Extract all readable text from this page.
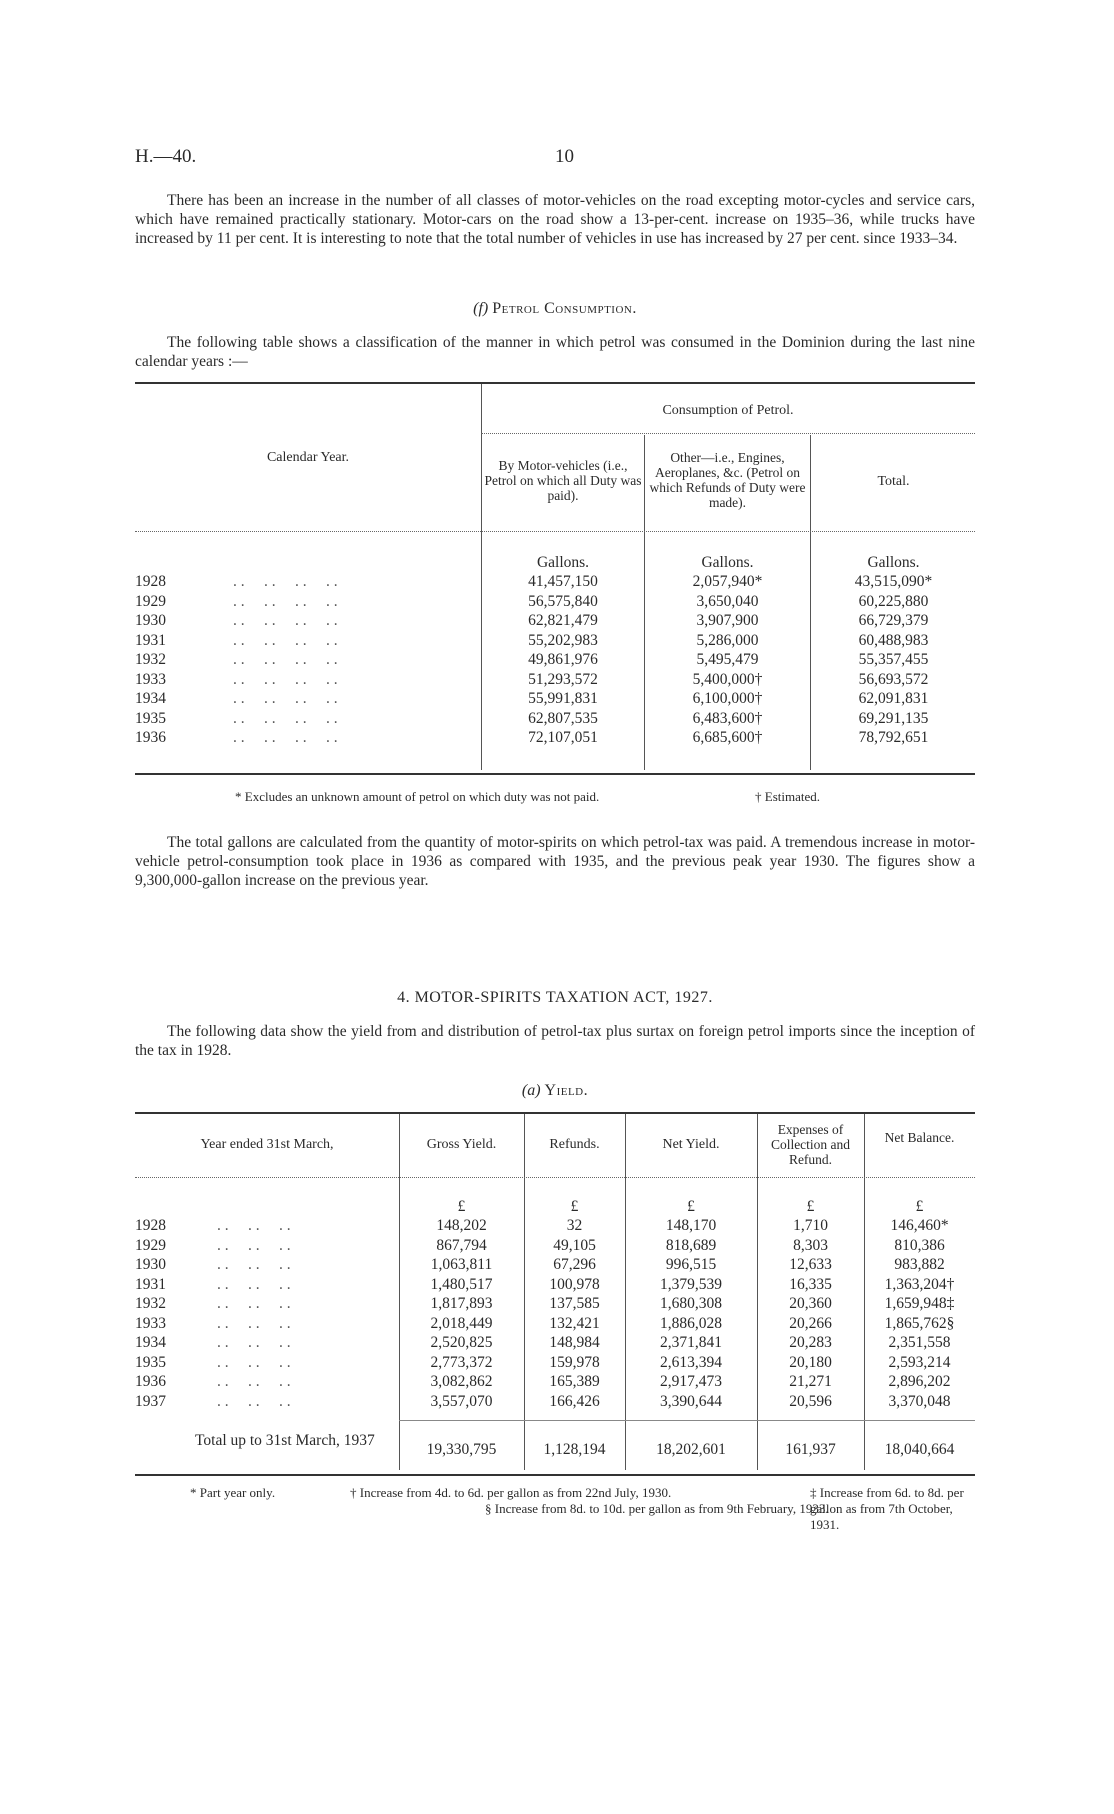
H.—40.	10
There has been an increase in the number of all classes of motor-vehicles on the road excepting motor-cycles and service cars, which have remained practically stationary. Motor-cars on the road show a 13-per-cent. increase on 1935–36, while trucks have increased by 11 per cent. It is interesting to note that the total number of vehicles in use has increased by 27 per cent. since 1933–34.
(f) Petrol Consumption.
The following table shows a classification of the manner in which petrol was consumed in the Dominion during the last nine calendar years :—
Consumption of Petrol.
Calendar Year.
By Motor-vehicles (i.e., Petrol on which all Duty was paid).
Other—i.e., Engines, Aeroplanes, &c. (Petrol on which Refunds of Duty were made).
Total.
Gallons.	Gallons.	Gallons.
1928	. .     . .     . .     . .	41,457,150	2,057,940*	43,515,090*
1929	. .     . .     . .     . .	56,575,840	3,650,040	60,225,880
1930	. .     . .     . .     . .	62,821,479	3,907,900	66,729,379
1931	. .     . .     . .     . .	55,202,983	5,286,000	60,488,983
1932	. .     . .     . .     . .	49,861,976	5,495,479	55,357,455
1933	. .     . .     . .     . .	51,293,572	5,400,000†	56,693,572
1934	. .     . .     . .     . .	55,991,831	6,100,000†	62,091,831
1935	. .     . .     . .     . .	62,807,535	6,483,600†	69,291,135
1936	. .     . .     . .     . .	72,107,051	6,685,600†	78,792,651
* Excludes an unknown amount of petrol on which duty was not paid.	† Estimated.
The total gallons are calculated from the quantity of motor-spirits on which petrol-tax was paid. A tremendous increase in motor-vehicle petrol-consumption took place in 1936 as compared with 1935, and the previous peak year 1930. The figures show a 9,300,000-gallon increase on the previous year.
4. MOTOR-SPIRITS TAXATION ACT, 1927.
The following data show the yield from and distribution of petrol-tax plus surtax on foreign petrol imports since the inception of the tax in 1928.
(a) Yield.
Year ended 31st March,	Gross Yield.	Refunds.	Net Yield.
Expenses of Collection and Refund.
Net Balance.
£	£	£	£	£
1928	. .     . .     . .	148,202	32	148,170	1,710	146,460*
1929	. .     . .     . .	867,794	49,105	818,689	8,303	810,386
1930	. .     . .     . .	1,063,811	67,296	996,515	12,633	983,882
1931	. .     . .     . .	1,480,517	100,978	1,379,539	16,335	1,363,204†
1932	. .     . .     . .	1,817,893	137,585	1,680,308	20,360	1,659,948‡
1933	. .     . .     . .	2,018,449	132,421	1,886,028	20,266	1,865,762§
1934	. .     . .     . .	2,520,825	148,984	2,371,841	20,283	2,351,558
1935	. .     . .     . .	2,773,372	159,978	2,613,394	20,180	2,593,214
1936	. .     . .     . .	3,082,862	165,389	2,917,473	21,271	2,896,202
1937	. .     . .     . .	3,557,070	166,426	3,390,644	20,596	3,370,048
Total up to 31st March, 1937
19,330,795	1,128,194	18,202,601	161,937	18,040,664
* Part year only.	† Increase from 4d. to 6d. per gallon as from 22nd July, 1930.	‡ Increase from 6d. to 8d. per gallon as from 7th October, 1931.
§ Increase from 8d. to 10d. per gallon as from 9th February, 1933.
